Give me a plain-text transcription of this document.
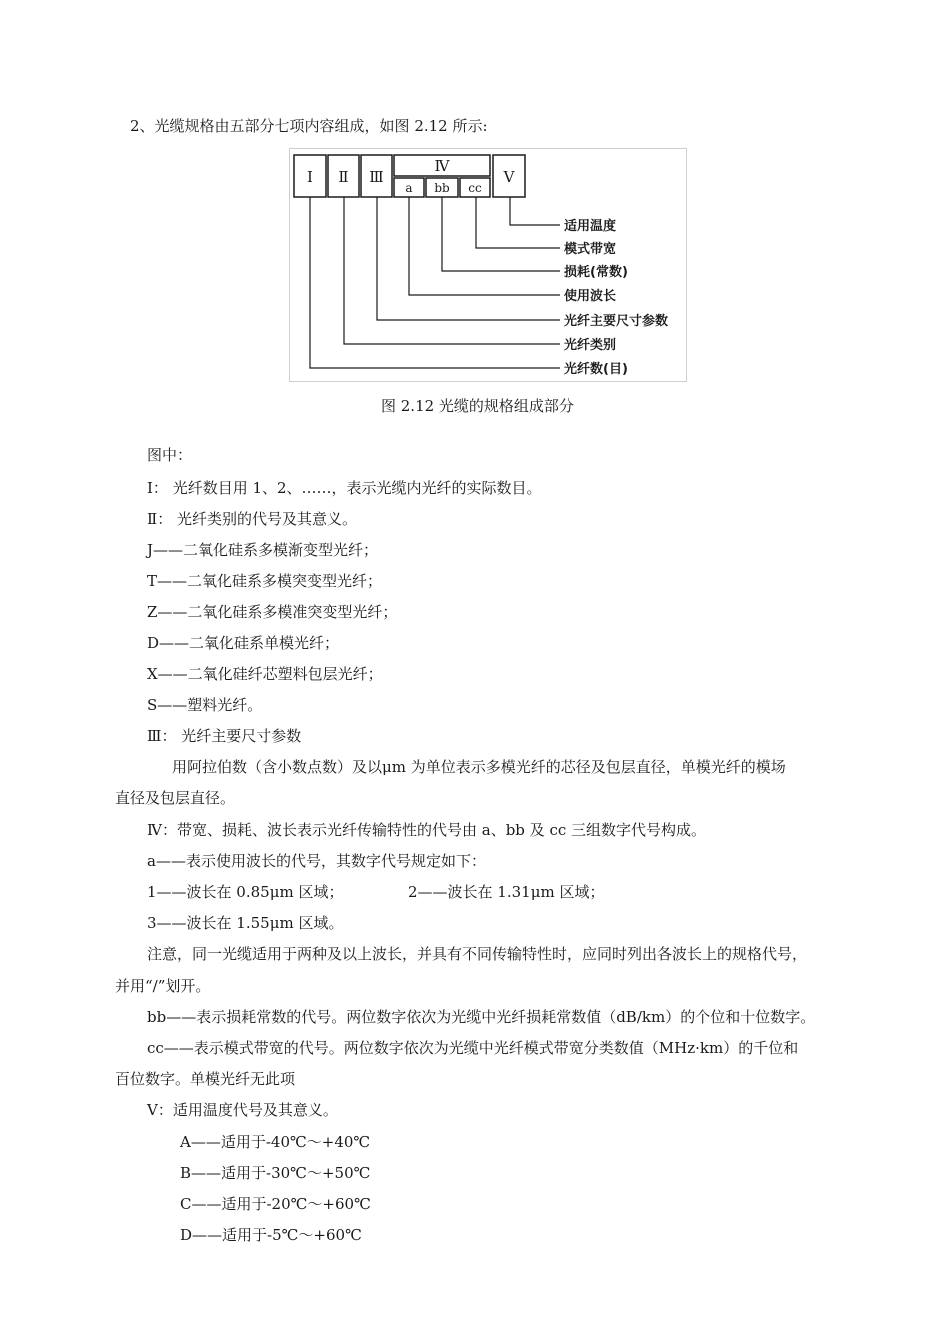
2、光缆规格由五部分七项内容组成，如图 2.12 所示:
Ⅰ Ⅱ Ⅲ
Ⅳ
a bb cc
Ⅴ
适用温度
模式带宽
损耗(常数)
使用波长
光纤主要尺寸参数
光纤类别
光纤数(目)
图 2.12 光缆的规格组成部分
图中：
Ⅰ： 光纤数目用 1、2、……，表示光缆内光纤的实际数目。
Ⅱ： 光纤类别的代号及其意义。
J——二氧化硅系多模渐变型光纤；
T——二氧化硅系多模突变型光纤；
Z——二氧化硅系多模准突变型光纤；
D——二氧化硅系单模光纤；
X——二氧化硅纤芯塑料包层光纤；
S——塑料光纤。
Ⅲ： 光纤主要尺寸参数
用阿拉伯数（含小数点数）及以μm 为单位表示多模光纤的芯径及包层直径，单模光纤的模场
直径及包层直径。
Ⅳ：带宽、损耗、波长表示光纤传输特性的代号由 a、bb 及 cc 三组数字代号构成。
a——表示使用波长的代号，其数字代号规定如下：
1——波长在 0.85μm 区域；	2——波长在 1.31μm 区域；
3——波长在 1.55μm 区域。
注意，同一光缆适用于两种及以上波长，并具有不同传输特性时，应同时列出各波长上的规格代号，
并用“/”划开。
bb——表示损耗常数的代号。两位数字依次为光缆中光纤损耗常数值（dB/km）的个位和十位数字。
cc——表示模式带宽的代号。两位数字依次为光缆中光纤模式带宽分类数值（MHz·km）的千位和
百位数字。单模光纤无此项
Ⅴ：适用温度代号及其意义。
A——适用于-40℃～+40℃
B——适用于-30℃～+50℃
C——适用于-20℃～+60℃
D——适用于-5℃～+60℃
